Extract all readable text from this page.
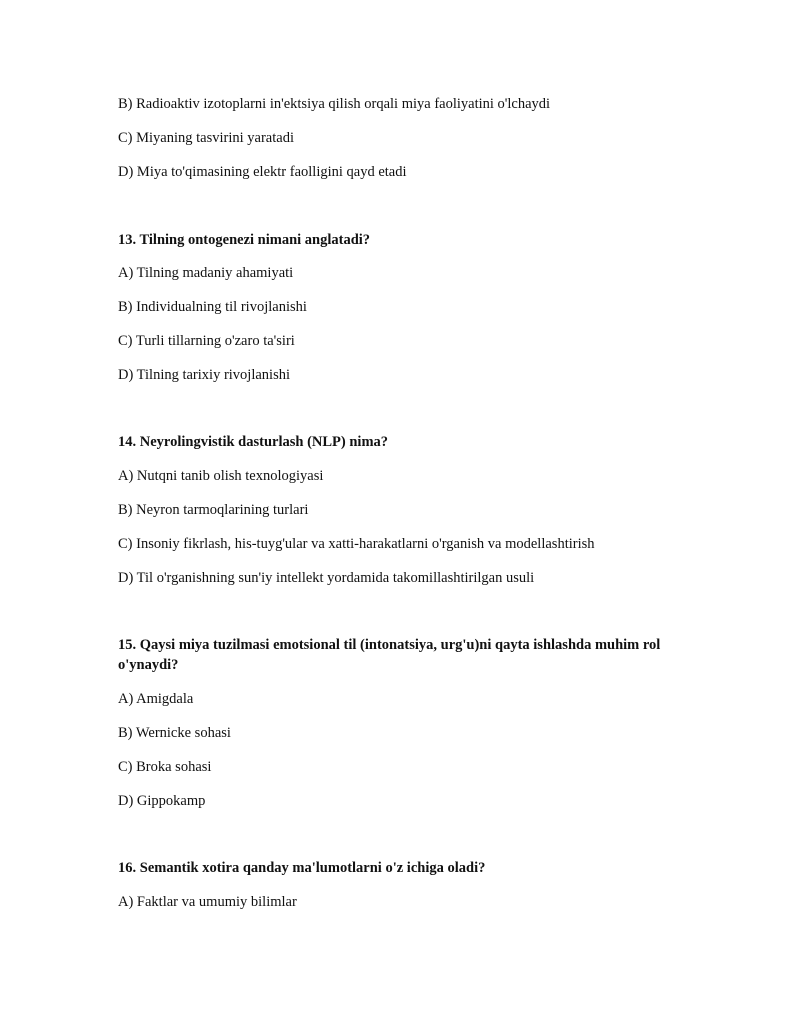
B) Radioaktiv izotoplarni in'ektsiya qilish orqali miya faoliyatini o'lchaydi
C) Miyaning tasvirini yaratadi
D) Miya to'qimasining elektr faolligini qayd etadi
13. Tilning ontogenezi nimani anglatadi?
A) Tilning madaniy ahamiyati
B) Individualning til rivojlanishi
C) Turli tillarning o'zaro ta'siri
D) Tilning tarixiy rivojlanishi
14. Neyrolingvistik dasturlash (NLP) nima?
A) Nutqni tanib olish texnologiyasi
B) Neyron tarmoqlarining turlari
C) Insoniy fikrlash, his-tuyg'ular va xatti-harakatlarni o'rganish va modellashtirish
D) Til o'rganishning sun'iy intellekt yordamida takomillashtirilgan usuli
15. Qaysi miya tuzilmasi emotsional til (intonatsiya, urg'u)ni qayta ishlashda muhim rol o'ynaydi?
A) Amigdala
B) Wernicke sohasi
C) Broka sohasi
D) Gippokamp
16. Semantik xotira qanday ma'lumotlarni o'z ichiga oladi?
A) Faktlar va umumiy bilimlar
